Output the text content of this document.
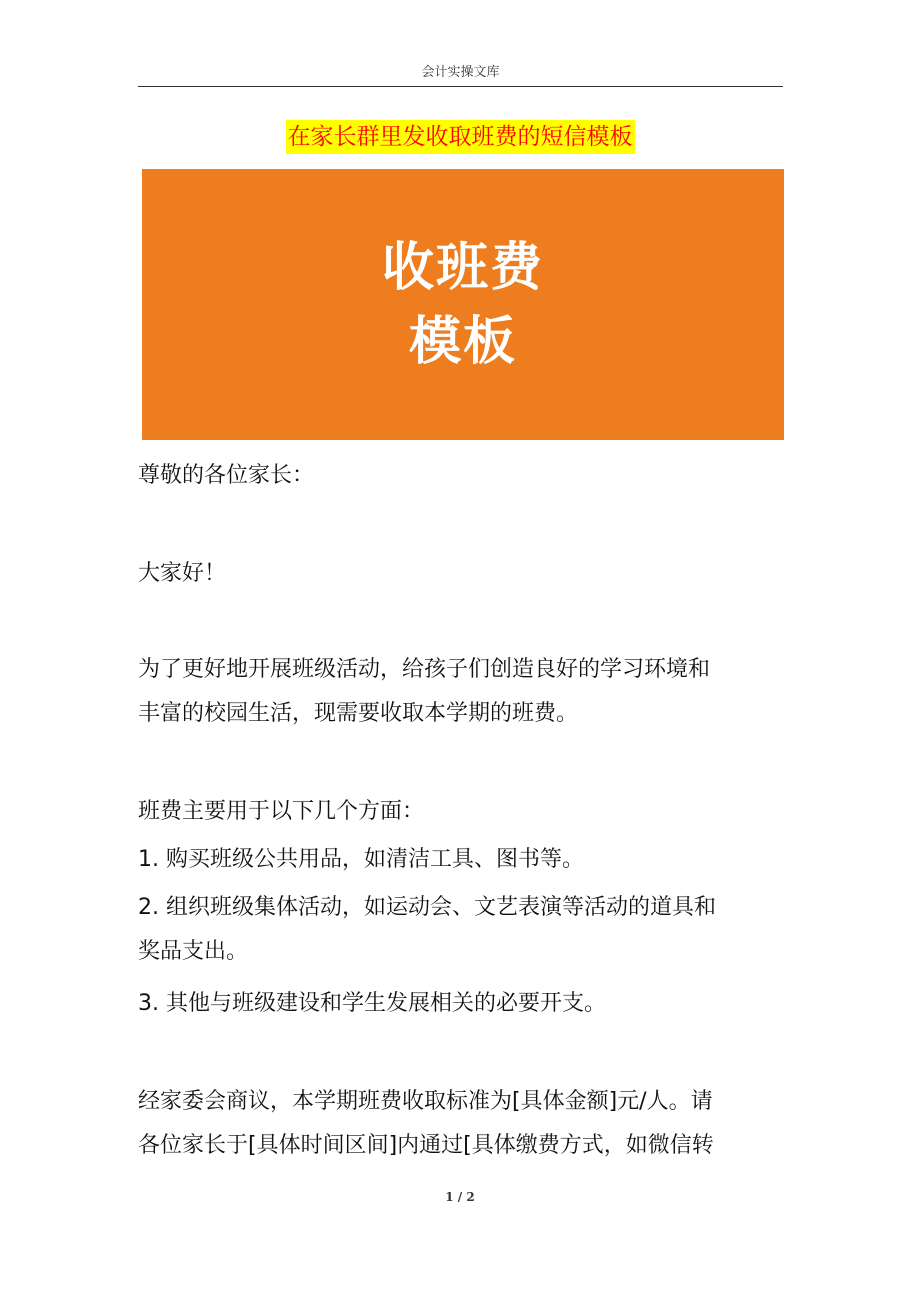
会计实操文库
在家长群里发收取班费的短信模板
收班费
模板
尊敬的各位家长：
大家好！
为了更好地开展班级活动，给孩子们创造良好的学习环境和
丰富的校园生活，现需要收取本学期的班费。
班费主要用于以下几个方面：
1. 购买班级公共用品，如清洁工具、图书等。
2. 组织班级集体活动，如运动会、文艺表演等活动的道具和
奖品支出。
3. 其他与班级建设和学生发展相关的必要开支。
经家委会商议，本学期班费收取标准为[具体金额]元/人。请
各位家长于[具体时间区间]内通过[具体缴费方式，如微信转
1 / 2
